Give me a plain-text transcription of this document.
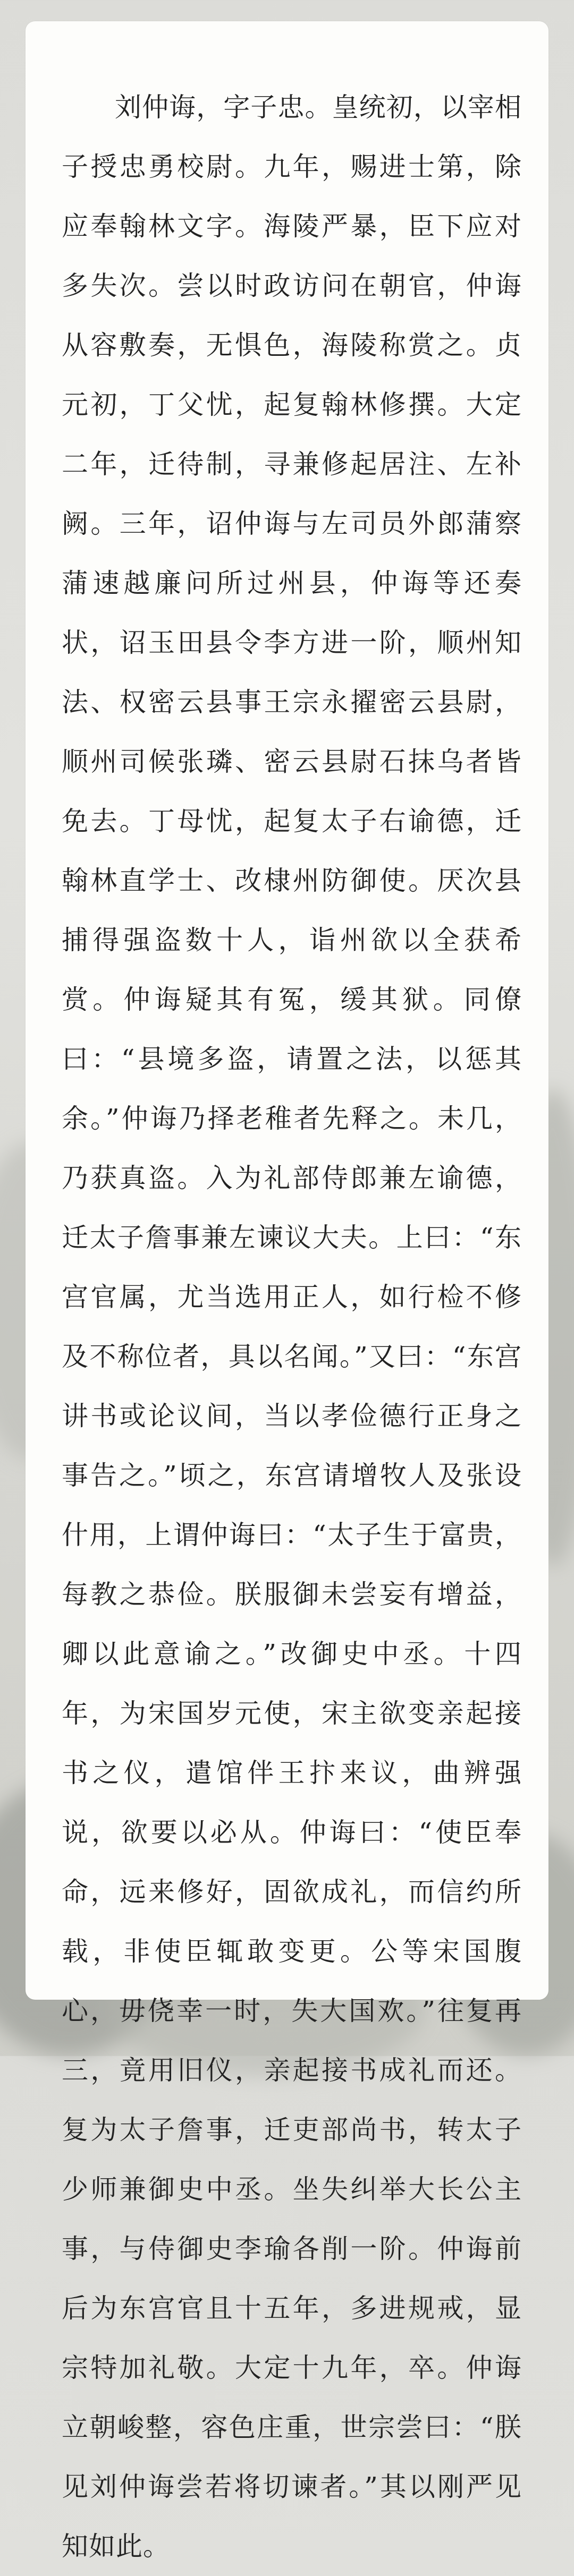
刘仲诲，字子忠。皇统初，以宰相子授忠勇校尉。九年，赐进士第，除应奉翰林文字。海陵严暴，臣下应对多失次。尝以时政访问在朝官，仲诲从容敷奏，无惧色，海陵称赏之。贞元初，丁父忧，起复翰林修撰。大定二年，迁待制，寻兼修起居注、左补阙。三年，诏仲诲与左司员外郎蒲察蒲速越廉问所过州县，仲诲等还奏状，诏玉田县令李方进一阶，顺州知法、权密云县事王宗永擢密云县尉，顺州司候张璘、密云县尉石抹乌者皆免去。丁母忧，起复太子右谕德，迁翰林直学士、改棣州防御使。厌次县捕得强盗数十人，诣州欲以全获希赏。仲诲疑其有冤，缓其狱。同僚曰：“县境多盗，请置之法，以惩其余。”仲诲乃择老稚者先释之。未几，乃获真盗。入为礼部侍郎兼左谕德，迁太子詹事兼左谏议大夫。上曰：“东宫官属，尤当选用正人，如行检不修及不称位者，具以名闻。”又曰：“东宫讲书或论议间，当以孝俭德行正身之事告之。”顷之，东宫请增牧人及张设什用，上谓仲诲曰：“太子生于富贵，每教之恭俭。朕服御未尝妄有增益，卿以此意谕之。”改御史中丞。十四年，为宋国岁元使，宋主欲变亲起接书之仪，遣馆伴王抃来议，曲辨强说，欲要以必从。仲诲曰：“使臣奉命，远来修好，固欲成礼，而信约所载，非使臣辄敢变更。公等宋国腹心，毋侥幸一时，失大国欢。”往复再三，竟用旧仪，亲起接书成礼而还。复为太子詹事，迁吏部尚书，转太子少师兼御史中丞。坐失纠举大长公主事，与侍御史李瑜各削一阶。仲诲前后为东宫官且十五年，多进规戒，显宗特加礼敬。大定十九年，卒。仲诲立朝峻整，容色庄重，世宗尝曰：“朕见刘仲诲尝若将切谏者。”其以刚严见知如此。
